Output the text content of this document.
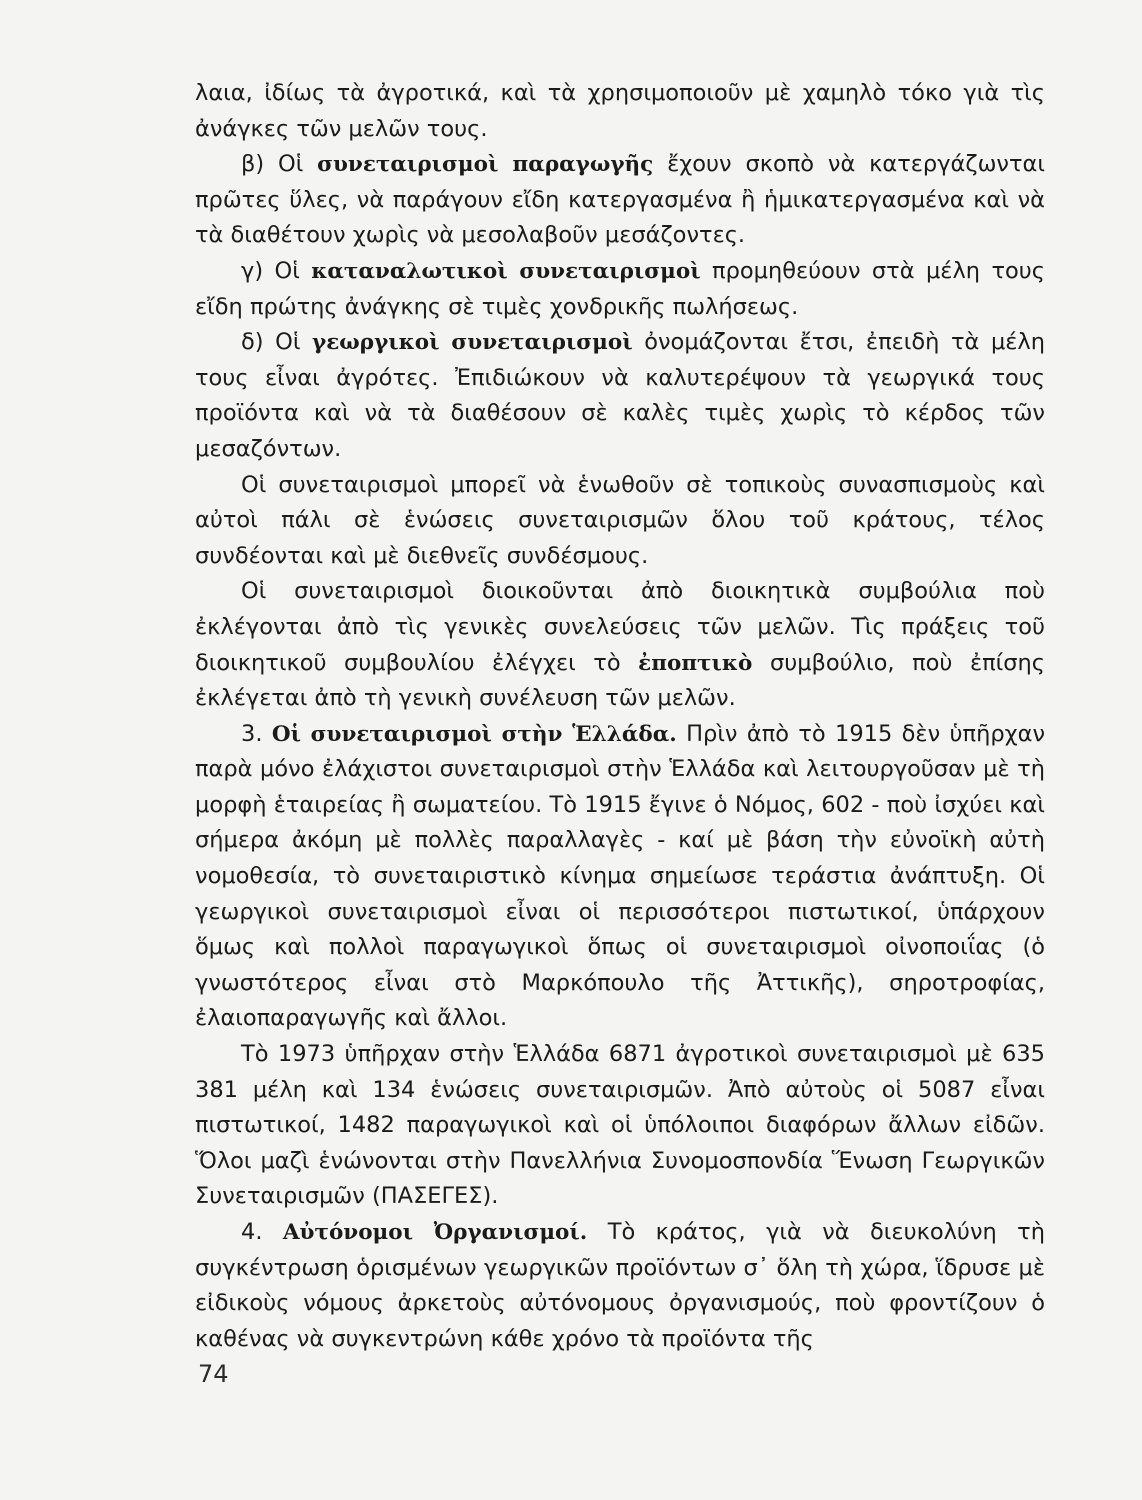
λαια, ἰδίως τὰ ἀγροτικά, καὶ τὰ χρησιμοποιοῦν μὲ χαμηλὸ τόκο γιὰ τὶς ἀνάγκες τῶν μελῶν τους.

β) Οἱ συνεταιρισμοὶ παραγωγῆς ἔχουν σκοπὸ νὰ κατεργάζωνται πρῶτες ὕλες, νὰ παράγουν εἴδη κατεργασμένα ἢ ἡμικατεργασμένα καὶ νὰ τὰ διαθέτουν χωρὶς νὰ μεσολαβοῦν μεσάζοντες.

γ) Οἱ καταναλωτικοὶ συνεταιρισμοὶ προμηθεύουν στὰ μέλη τους εἴδη πρώτης ἀνάγκης σὲ τιμὲς χονδρικῆς πωλήσεως.

δ) Οἱ γεωργικοὶ συνεταιρισμοὶ ὀνομάζονται ἔτσι, ἐπειδὴ τὰ μέλη τους εἶναι ἀγρότες. Ἐπιδιώκουν νὰ καλυτερέψουν τὰ γεωργικά τους προϊόντα καὶ νὰ τὰ διαθέσουν σὲ καλὲς τιμὲς χωρὶς τὸ κέρδος τῶν μεσαζόντων.

Οἱ συνεταιρισμοὶ μπορεῖ νὰ ἑνωθοῦν σὲ τοπικοὺς συνασπισμοὺς καὶ αὐτοὶ πάλι σὲ ἑνώσεις συνεταιρισμῶν ὅλου τοῦ κράτους, τέλος συνδέονται καὶ μὲ διεθνεῖς συνδέσμους.

Οἱ συνεταιρισμοὶ διοικοῦνται ἀπὸ διοικητικὰ συμβούλια ποὺ ἐκλέγονται ἀπὸ τὶς γενικὲς συνελεύσεις τῶν μελῶν. Τὶς πράξεις τοῦ διοικητικοῦ συμβουλίου ἐλέγχει τὸ ἐποπτικὸ συμβούλιο, ποὺ ἐπίσης ἐκλέγεται ἀπὸ τὴ γενικὴ συνέλευση τῶν μελῶν.

3. Οἱ συνεταιρισμοὶ στὴν Ἑλλάδα. Πρὶν ἀπὸ τὸ 1915 δὲν ὑπῆρχαν παρὰ μόνο ἐλάχιστοι συνεταιρισμοὶ στὴν Ἑλλάδα καὶ λειτουργοῦσαν μὲ τὴ μορφὴ ἑταιρείας ἢ σωματείου. Τὸ 1915 ἔγινε ὁ Νόμος, 602 - ποὺ ἰσχύει καὶ σήμερα ἀκόμη μὲ πολλὲς παραλλαγὲς - καί μὲ βάση τὴν εὐνοϊκὴ αὐτὴ νομοθεσία, τὸ συνεταιριστικὸ κίνημα σημείωσε τεράστια ἀνάπτυξη. Οἱ γεωργικοὶ συνεταιρισμοὶ εἶναι οἱ περισσότεροι πιστωτικοί, ὑπάρχουν ὅμως καὶ πολλοὶ παραγωγικοὶ ὅπως οἱ συνεταιρισμοὶ οἰνοποιΐας (ὁ γνωστότερος εἶναι στὸ Μαρκόπουλο τῆς Ἀττικῆς), σηροτροφίας, ἐλαιοπαραγωγῆς καὶ ἄλλοι.

Τὸ 1973 ὑπῆρχαν στὴν Ἑλλάδα 6871 ἀγροτικοὶ συνεταιρισμοὶ μὲ 635 381 μέλη καὶ 134 ἑνώσεις συνεταιρισμῶν. Ἀπὸ αὐτοὺς οἱ 5087 εἶναι πιστωτικοί, 1482 παραγωγικοὶ καὶ οἱ ὑπόλοιποι διαφόρων ἄλλων εἰδῶν. Ὅλοι μαζὶ ἑνώνονται στὴν Πανελλήνια Συνομοσπονδία Ἕνωση Γεωργικῶν Συνεταιρισμῶν (ΠΑΣΕΓΕΣ).

4. Αὐτόνομοι Ὀργανισμοί. Τὸ κράτος, γιὰ νὰ διευκολύνη τὴ συγκέντρωση ὁρισμένων γεωργικῶν προϊόντων σ᾽ ὅλη τὴ χώρα, ἵδρυσε μὲ εἰδικοὺς νόμους ἀρκετοὺς αὐτόνομους ὀργανισμούς, ποὺ φροντίζουν ὁ καθένας νὰ συγκεντρώνη κάθε χρόνο τὰ προϊόντα τῆς

74
